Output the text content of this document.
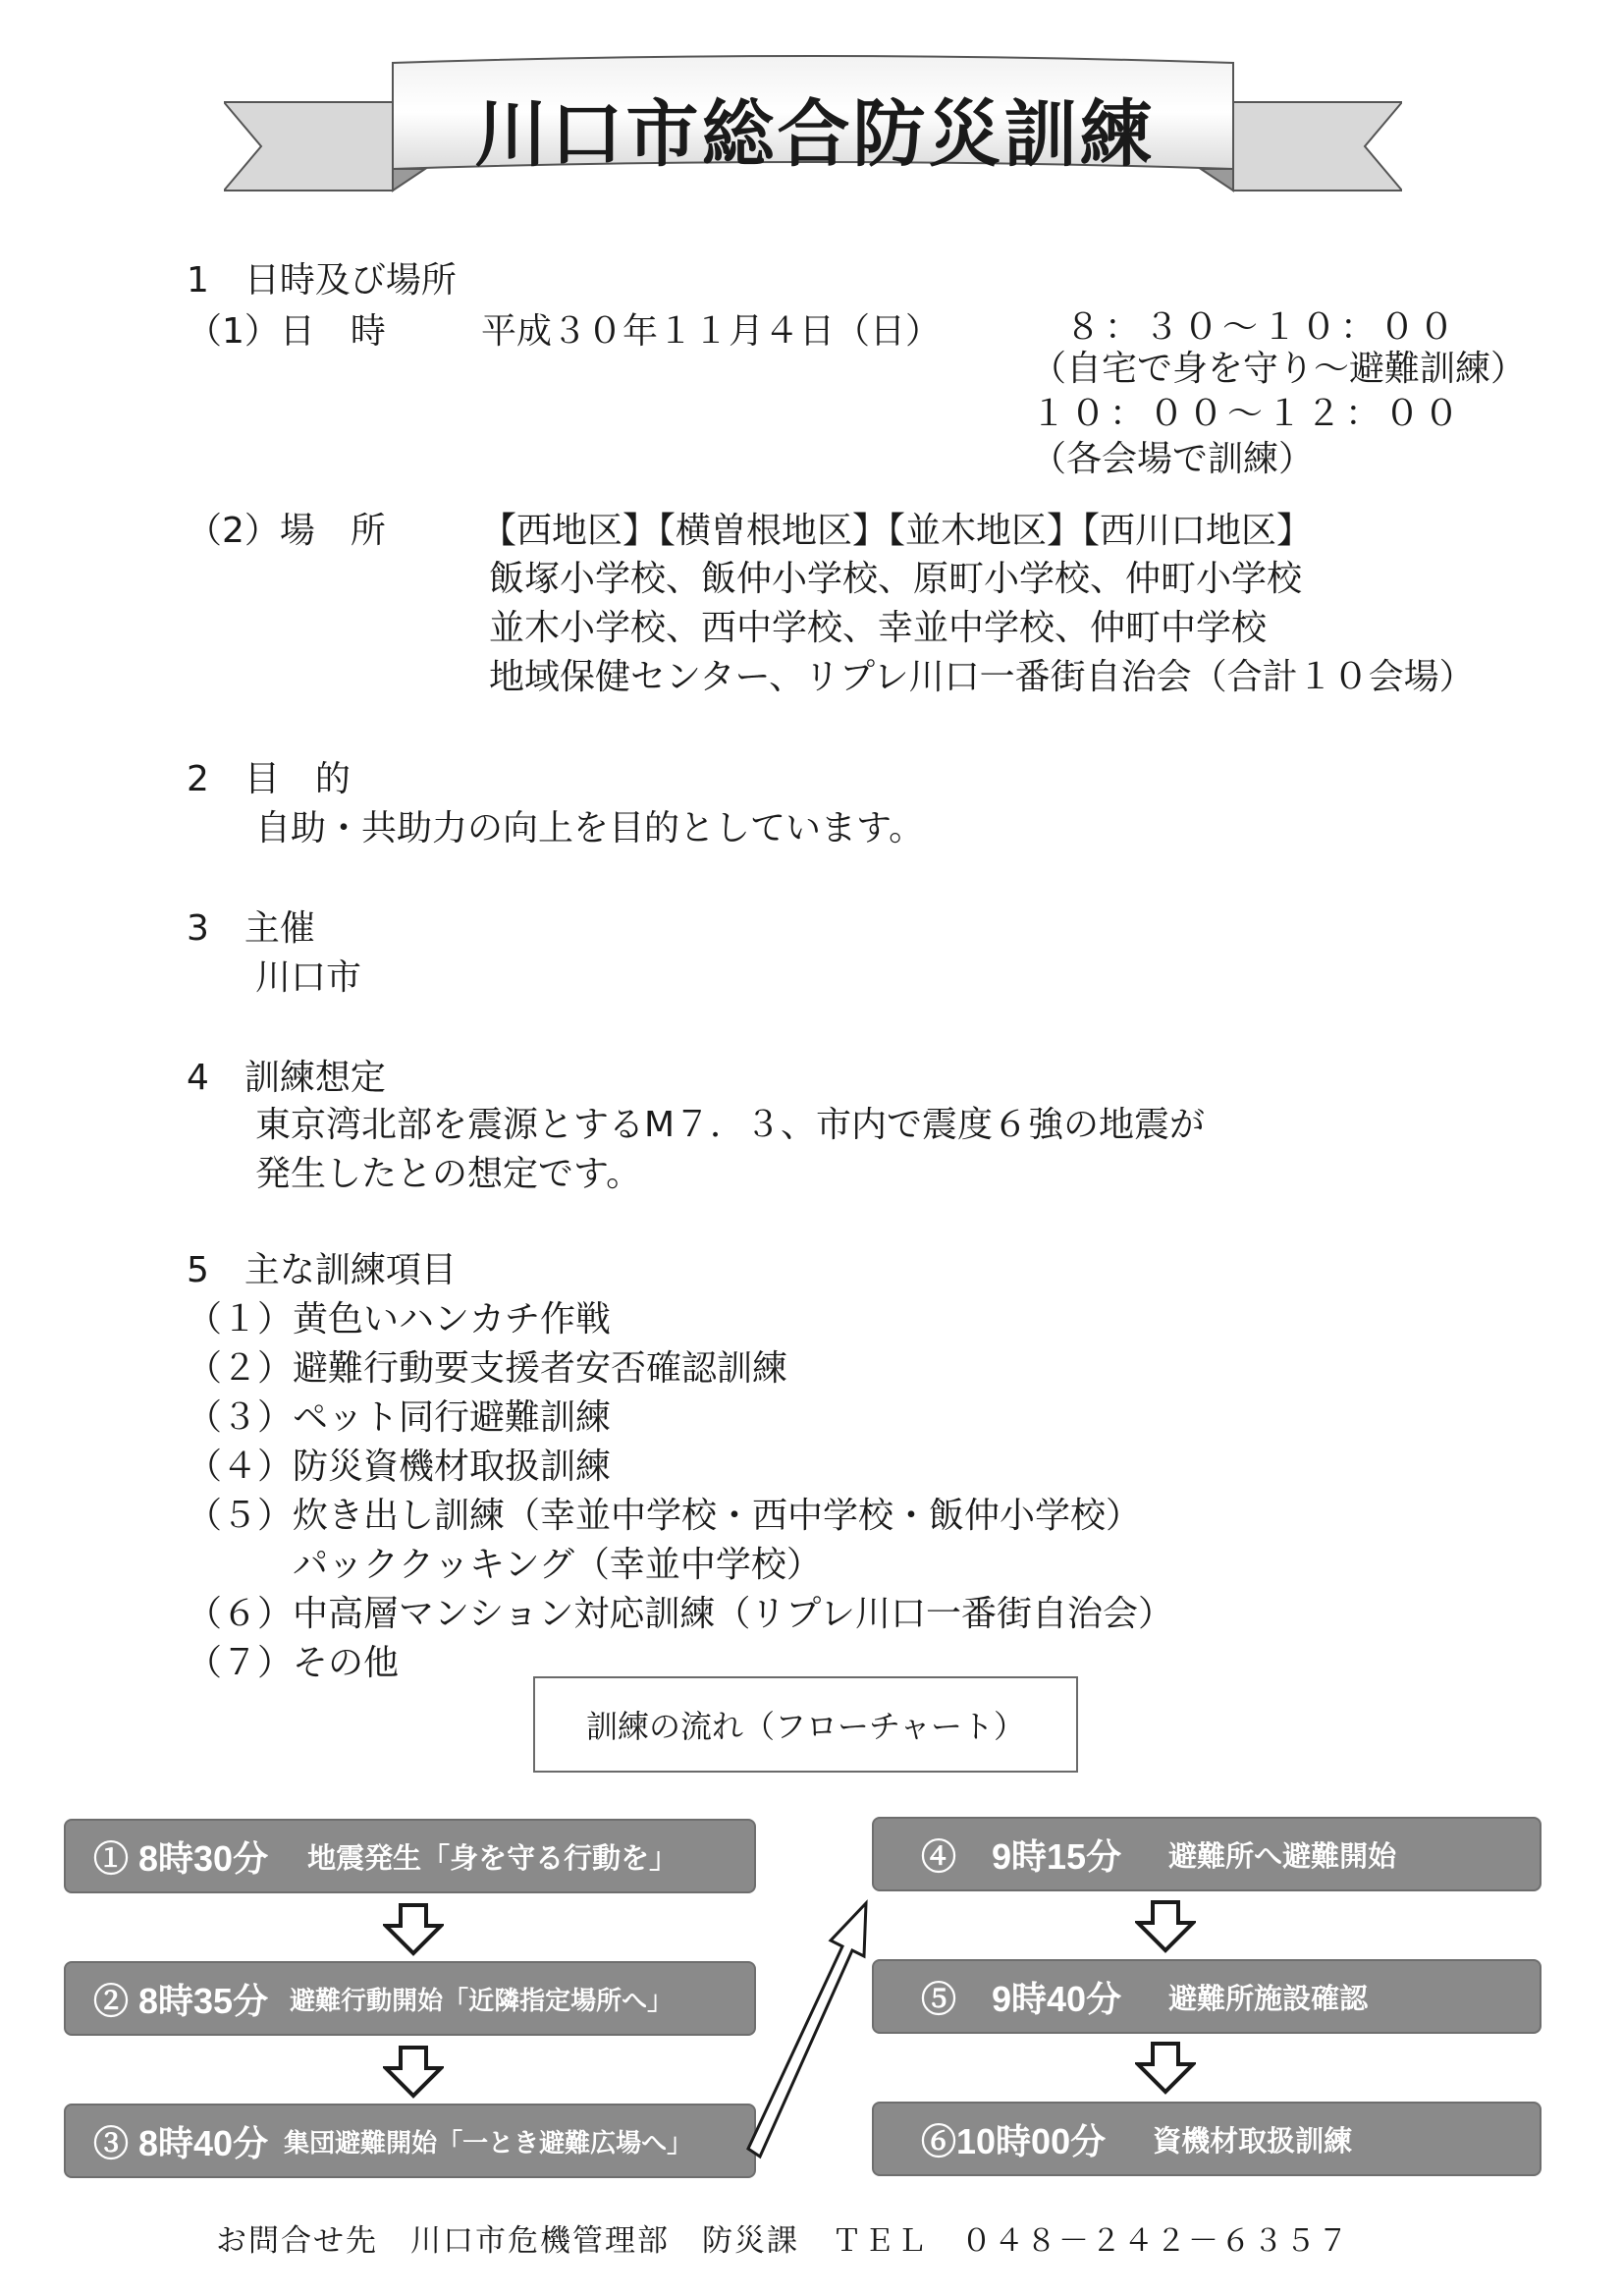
川口市総合防災訓練
1　日時及び場所
（1）日　時	平成３０年１１月４日（日）	８：３０～１０：００
（自宅で身を守り～避難訓練）
１０：００～１２：００
（各会場で訓練）
（2）場　所	【西地区】【横曽根地区】【並木地区】【西川口地区】
飯塚小学校、飯仲小学校、原町小学校、仲町小学校
並木小学校、西中学校、幸並中学校、仲町中学校
地域保健センター、リプレ川口一番街自治会（合計１０会場）
2　目　的
自助・共助力の向上を目的としています。
3　主催
川口市
4　訓練想定
東京湾北部を震源とするM７．３、市内で震度６強の地震が
発生したとの想定です。
5　主な訓練項目
（１）黄色いハンカチ作戦
（２）避難行動要支援者安否確認訓練
（３）ペット同行避難訓練
（４）防災資機材取扱訓練
（５）炊き出し訓練（幸並中学校・西中学校・飯仲小学校）
パッククッキング（幸並中学校）
（６）中高層マンション対応訓練（リプレ川口一番街自治会）
（７）その他
訓練の流れ（フローチャート）
① 8時30分 地震発生「身を守る行動を」
② 8時35分 避難行動開始「近隣指定場所へ」
③ 8時40分 集団避難開始「一とき避難広場へ」
④　9時15分 避難所へ避難開始
⑤　9時40分 避難所施設確認
⑥10時00分 資機材取扱訓練
お問合せ先　川口市危機管理部　防災課　ＴＥＬ　０４８－２４２－６３５７
